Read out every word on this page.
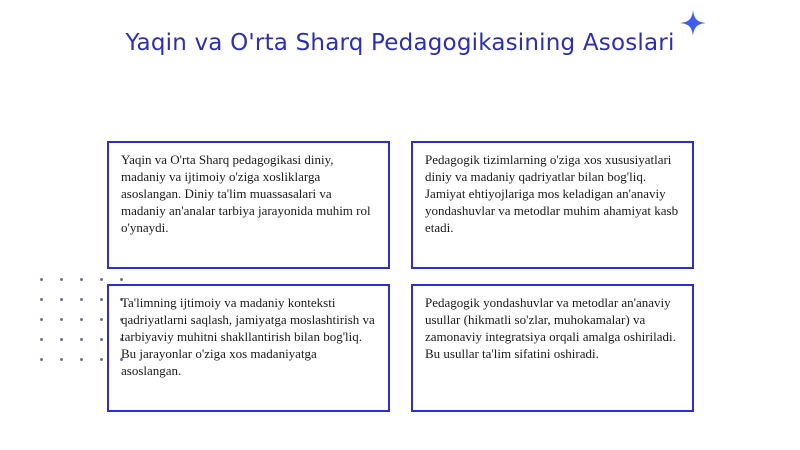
Yaqin va O'rta Sharq Pedagogikasining Asoslari
Yaqin va O'rta Sharq pedagogikasi diniy, madaniy va ijtimoiy o'ziga xosliklarga asoslangan. Diniy ta'lim muassasalari va madaniy an'analar tarbiya jarayonida muhim rol o'ynaydi.
Pedagogik tizimlarning o'ziga xos xususiyatlari diniy va madaniy qadriyatlar bilan bog'liq. Jamiyat ehtiyojlariga mos keladigan an'anaviy yondashuvlar va metodlar muhim ahamiyat kasb etadi.
Ta'limning ijtimoiy va madaniy konteksti qadriyatlarni saqlash, jamiyatga moslashtirish va tarbiyaviy muhitni shakllantirish bilan bog'liq. Bu jarayonlar o'ziga xos madaniyatga asoslangan.
Pedagogik yondashuvlar va metodlar an'anaviy usullar (hikmatli so'zlar, muhokamalar) va zamonaviy integratsiya orqali amalga oshiriladi. Bu usullar ta'lim sifatini oshiradi.
